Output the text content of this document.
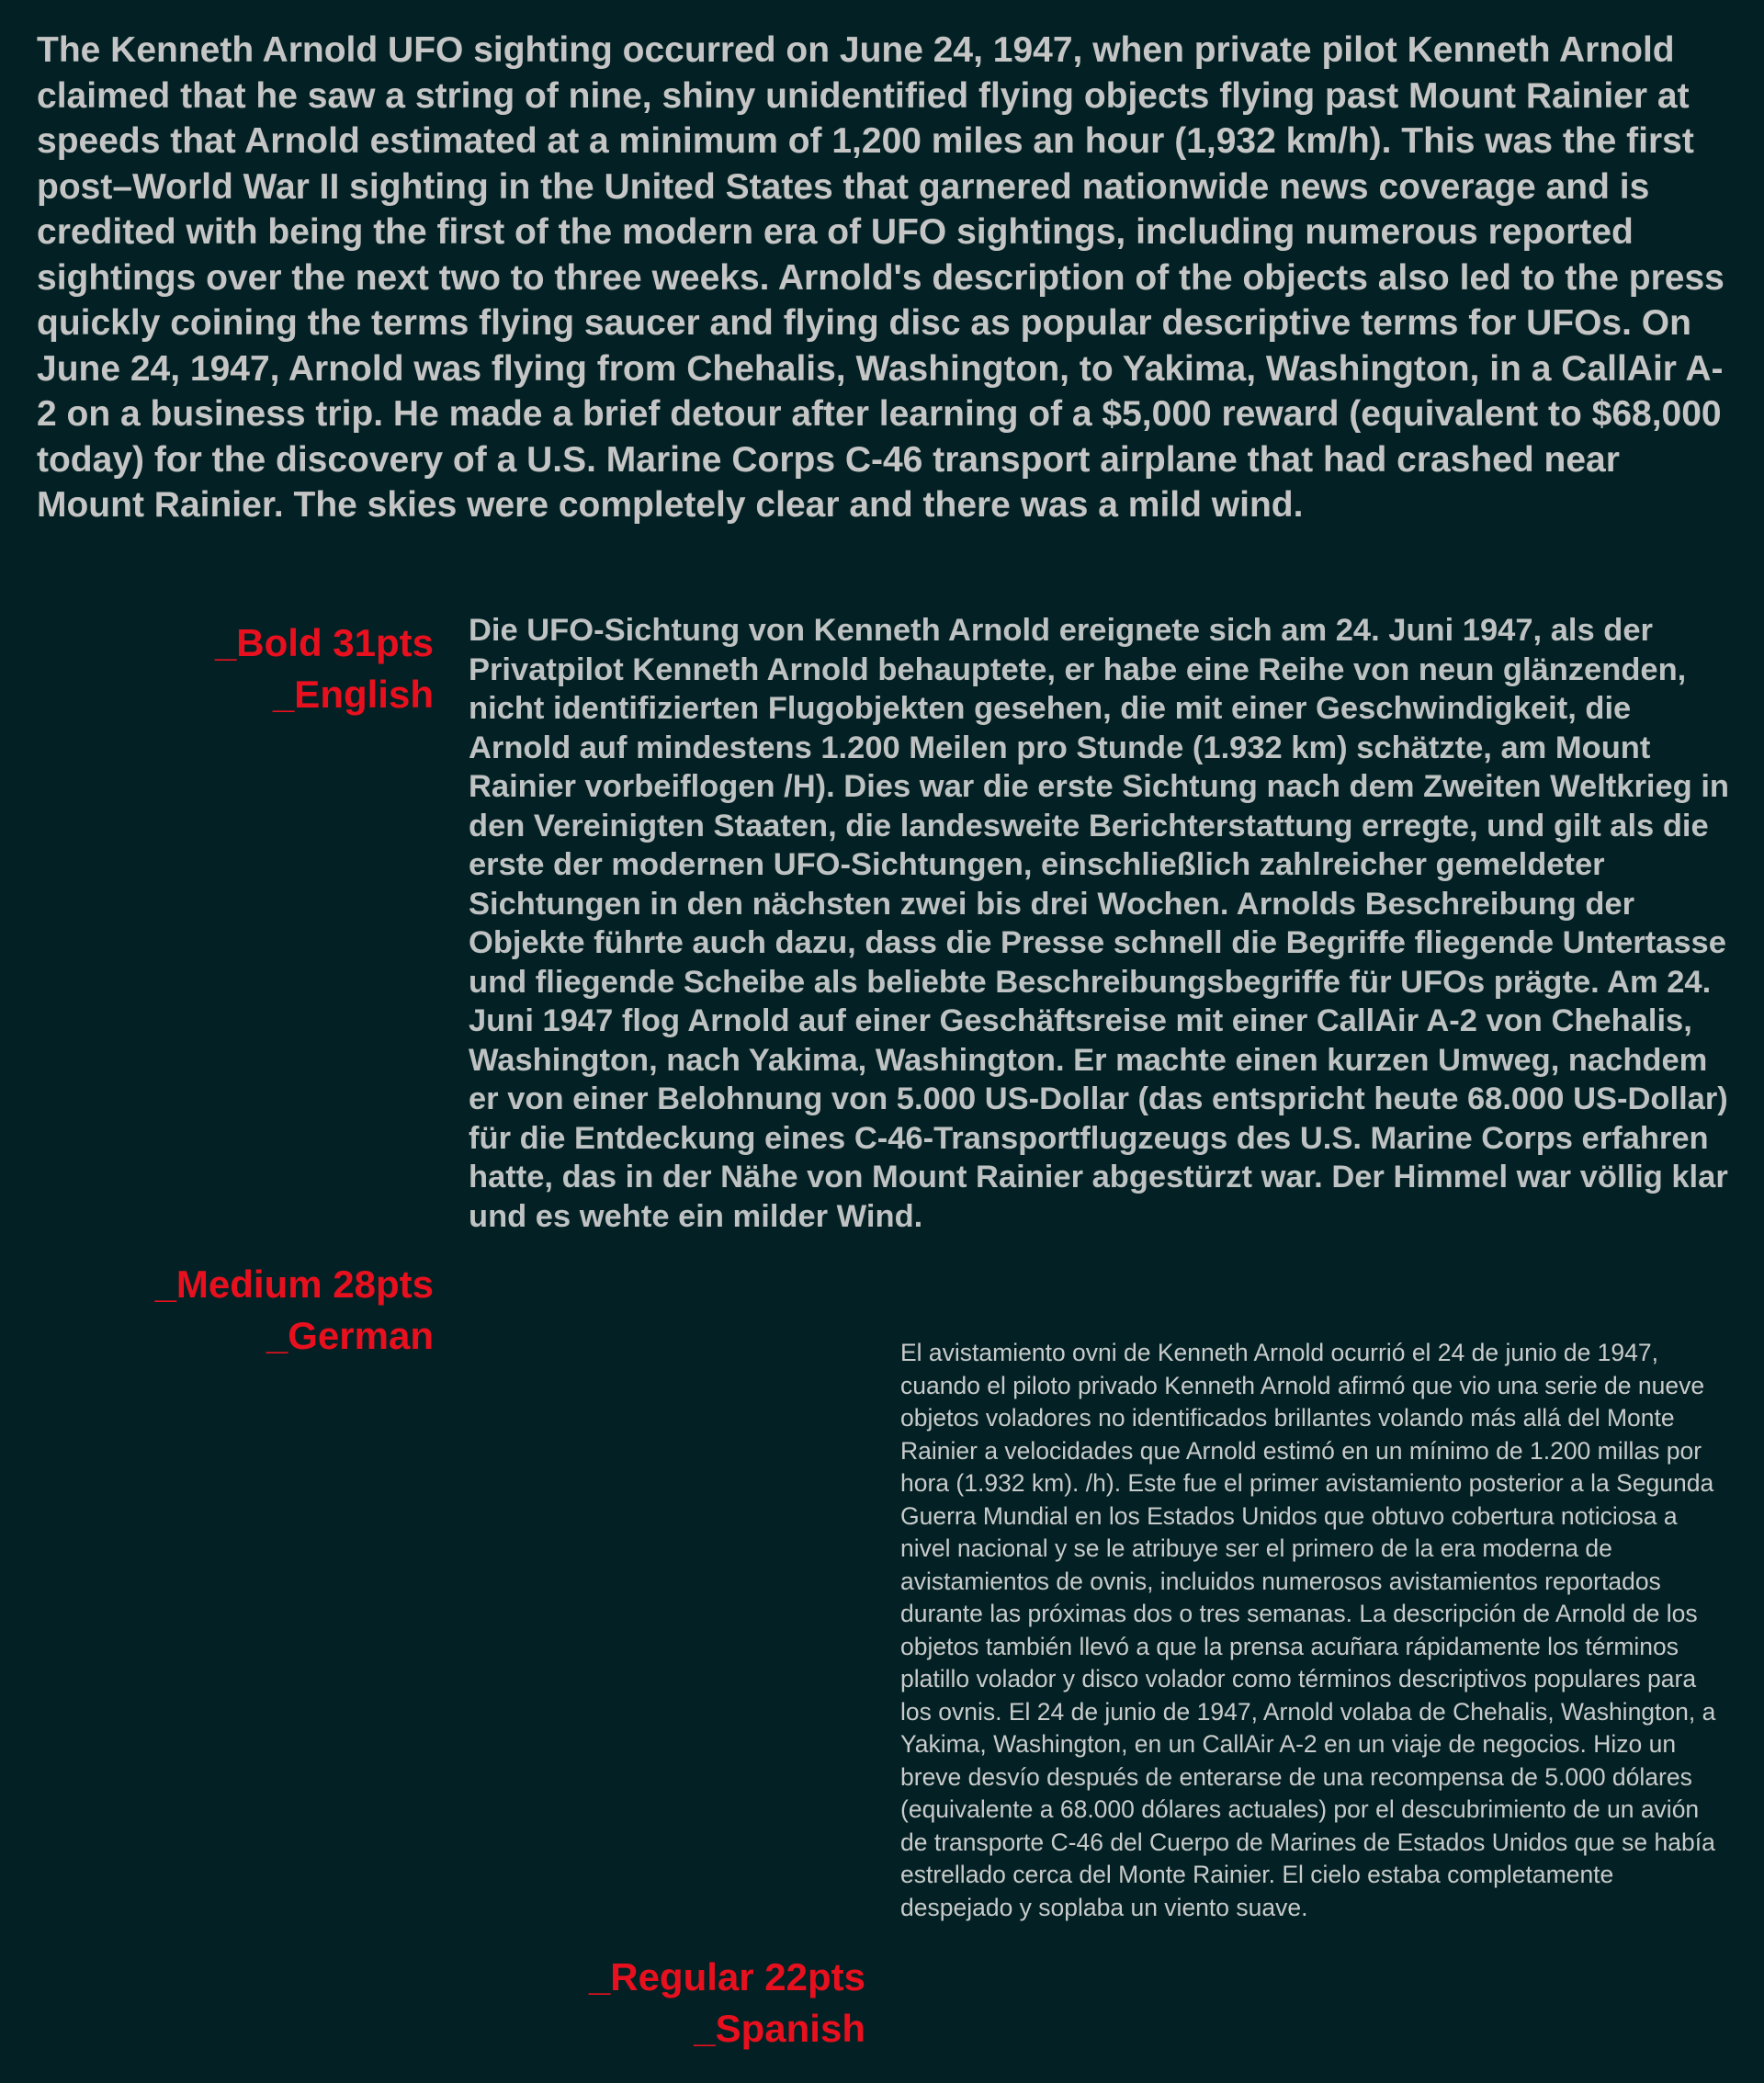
The Kenneth Arnold UFO sighting occurred on June 24, 1947, when private pilot Kenneth Arnold claimed that he saw a string of nine, shiny unidentified flying objects flying past Mount Rainier at speeds that Arnold estimated at a minimum of 1,200 miles an hour (1,932 km/h). This was the first post–World War II sighting in the United States that garnered nationwide news coverage and is credited with being the first of the modern era of UFO sightings, including numerous reported sightings over the next two to three weeks. Arnold's description of the objects also led to the press quickly coining the terms flying saucer and flying disc as popular descriptive terms for UFOs. On June 24, 1947, Arnold was flying from Chehalis, Washington, to Yakima, Washington, in a CallAir A-2 on a business trip. He made a brief detour after learning of a $5,000 reward (equivalent to $68,000 today) for the discovery of a U.S. Marine Corps C-46 transport airplane that had crashed near Mount Rainier. The skies were completely clear and there was a mild wind.

_Bold 31pts
_English

Die UFO-Sichtung von Kenneth Arnold ereignete sich am 24. Juni 1947, als der Privatpilot Kenneth Arnold behauptete, er habe eine Reihe von neun glänzenden, nicht identifizierten Flugobjekten gesehen, die mit einer Geschwindigkeit, die Arnold auf mindestens 1.200 Meilen pro Stunde (1.932 km) schätzte, am Mount Rainier vorbeiflogen /H). Dies war die erste Sichtung nach dem Zweiten Weltkrieg in den Vereinigten Staaten, die landesweite Berichterstattung erregte, und gilt als die erste der modernen UFO-Sichtungen, einschließlich zahlreicher gemeldeter Sichtungen in den nächsten zwei bis drei Wochen. Arnolds Beschreibung der Objekte führte auch dazu, dass die Presse schnell die Begriffe fliegende Untertasse und fliegende Scheibe als beliebte Beschreibungsbegriffe für UFOs prägte. Am 24. Juni 1947 flog Arnold auf einer Geschäftsreise mit einer CallAir A-2 von Chehalis, Washington, nach Yakima, Washington. Er machte einen kurzen Umweg, nachdem er von einer Belohnung von 5.000 US-Dollar (das entspricht heute 68.000 US-Dollar) für die Entdeckung eines C-46-Transportflugzeugs des U.S. Marine Corps erfahren hatte, das in der Nähe von Mount Rainier abgestürzt war. Der Himmel war völlig klar und es wehte ein milder Wind.

_Medium 28pts
_German	El avistamiento ovni de Kenneth Arnold ocurrió el 24 de junio de 1947, cuando el piloto privado Kenneth Arnold afirmó que vio una serie de nueve objetos voladores no identificados brillantes volando más allá del Monte Rainier a velocidades que Arnold estimó en un mínimo de 1.200 millas por hora (1.932 km). /h). Este fue el primer avistamiento posterior a la Segunda Guerra Mundial en los Estados Unidos que obtuvo cobertura noticiosa a nivel nacional y se le atribuye ser el primero de la era moderna de avistamientos de ovnis, incluidos numerosos avistamientos reportados durante las próximas dos o tres semanas. La descripción de Arnold de los objetos también llevó a que la prensa acuñara rápidamente los términos platillo volador y disco volador como términos descriptivos populares para los ovnis. El 24 de junio de 1947, Arnold volaba de Chehalis, Washington, a Yakima, Washington, en un CallAir A-2 en un viaje de negocios. Hizo un breve desvío después de enterarse de una recompensa de 5.000 dólares (equivalente a 68.000 dólares actuales) por el descubrimiento de un avión de transporte C-46 del Cuerpo de Marines de Estados Unidos que se había estrellado cerca del Monte Rainier. El cielo estaba completamente despejado y soplaba un viento suave.

_Regular 22pts
_Spanish
